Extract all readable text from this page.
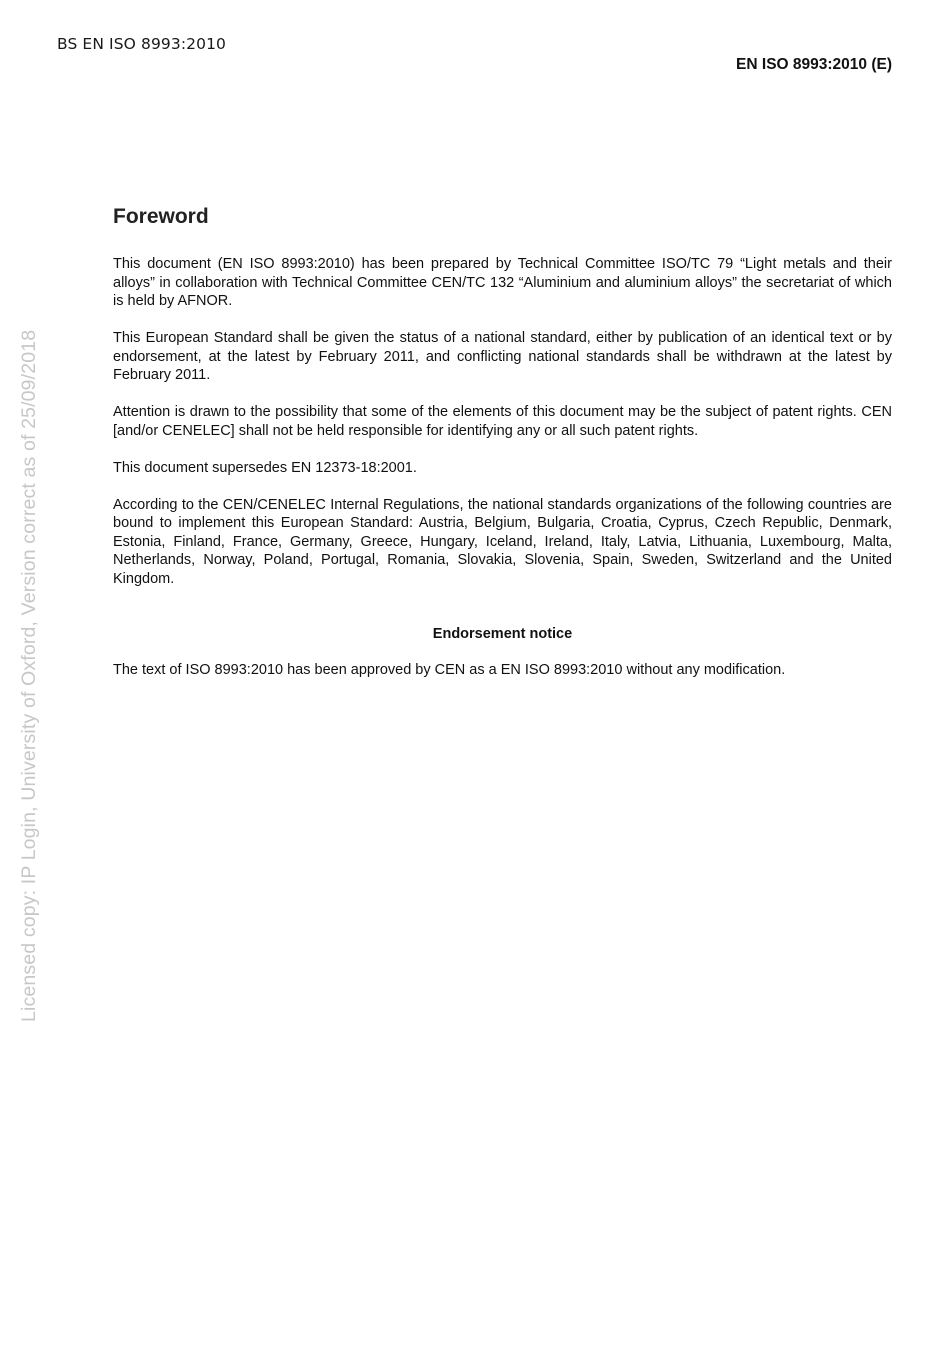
BS EN ISO 8993:2010
EN ISO 8993:2010 (E)
Licensed copy: IP Login, University of Oxford, Version correct as of 25/09/2018
Foreword

This document (EN ISO 8993:2010) has been prepared by Technical Committee ISO/TC 79 “Light metals and their alloys” in collaboration with Technical Committee CEN/TC 132 “Aluminium and aluminium alloys” the secretariat of which is held by AFNOR.

This European Standard shall be given the status of a national standard, either by publication of an identical text or by endorsement, at the latest by February 2011, and conflicting national standards shall be withdrawn at the latest by February 2011.

Attention is drawn to the possibility that some of the elements of this document may be the subject of patent rights. CEN [and/or CENELEC] shall not be held responsible for identifying any or all such patent rights.

This document supersedes EN 12373-18:2001.

According to the CEN/CENELEC Internal Regulations, the national standards organizations of the following countries are bound to implement this European Standard: Austria, Belgium, Bulgaria, Croatia, Cyprus, Czech Republic, Denmark, Estonia, Finland, France, Germany, Greece, Hungary, Iceland, Ireland, Italy, Latvia, Lithuania, Luxembourg, Malta, Netherlands, Norway, Poland, Portugal, Romania, Slovakia, Slovenia, Spain, Sweden, Switzerland and the United Kingdom.

Endorsement notice

The text of ISO 8993:2010 has been approved by CEN as a EN ISO 8993:2010 without any modification.
